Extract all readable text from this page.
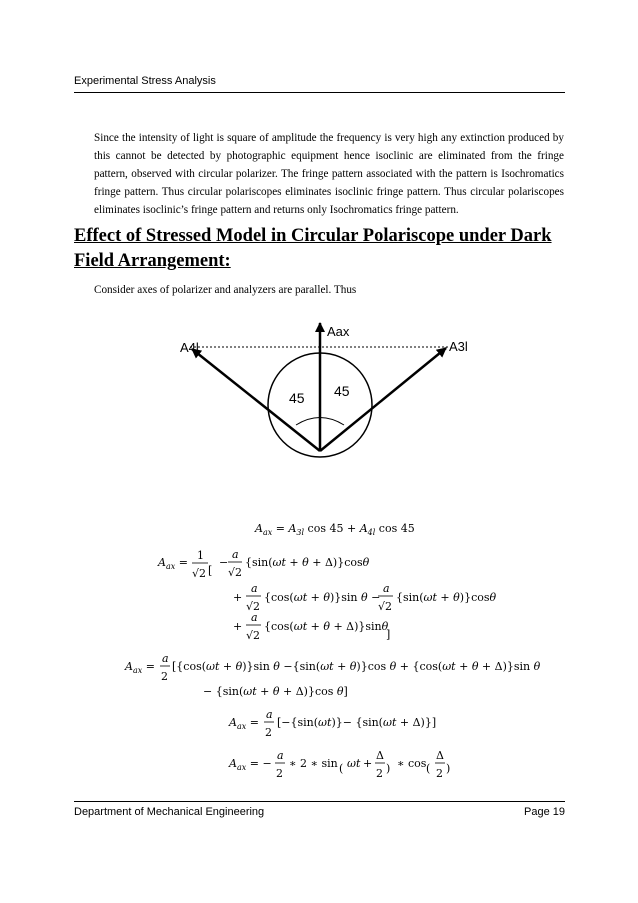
Experimental Stress Analysis

Since the intensity of light is square of amplitude the frequency is very high any extinction produced by this cannot be detected by photographic equipment hence isoclinic are eliminated from the fringe pattern, observed with circular polarizer. The fringe pattern associated with the pattern is Isochromatics fringe pattern. Thus circular polariscopes eliminates isoclinic fringe pattern. Thus circular polariscopes eliminates isoclinic’s fringe pattern and returns only Isochromatics fringe pattern.

Effect of Stressed Model in Circular Polariscope under Dark Field Arrangement:

Consider axes of polarizer and analyzers are parallel. Thus

A4l
Aax
A3l
45 45
$A_{ax} = A_{3l}$ $\cos 45 + A_{4l}$ cos 45
$A_{ax}$ =
1
√2 [
−
a
√2
{sin(ωt + θ + Δ)}cosθ
+
a
√2
{cos(ωt + θ)}sin θ −
a
√2
{sin(ωt + θ)}cosθ
+
a
√2
{cos(ωt + θ + Δ)}sinθ
]
$A_{ax}$ =
a
2
[{cos(ωt + θ)}sin θ −{sin(ωt + θ)}cos θ + {cos(ωt + θ + Δ)}sin θ
− {sin(ωt + θ + Δ)}cos θ]
$A_{ax}$ =
a
2
[−{sin(ωt)}− {sin(ωt + Δ)}]
$A_{ax}$ = −
a
2
∗ 2 ∗ sin ( ωt +
Δ
2 ) ∗ cos (
Δ
2 )
Department of Mechanical Engineering	Page 19
